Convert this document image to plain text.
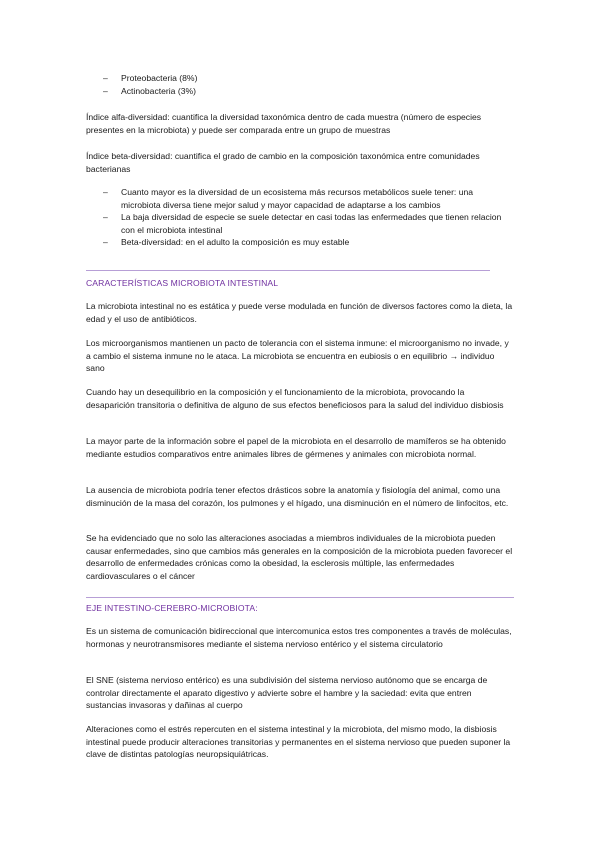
– Proteobacteria (8%)
– Actinobacteria (3%)

Índice alfa-diversidad: cuantifica la diversidad taxonómica dentro de cada muestra (número de especies presentes en la microbiota) y puede ser comparada entre un grupo de muestras

Índice beta-diversidad: cuantifica el grado de cambio en la composición taxonómica entre comunidades bacterianas

– Cuanto mayor es la diversidad de un ecosistema más recursos metabólicos suele tener: una microbiota diversa tiene mejor salud y mayor capacidad de adaptarse a los cambios
– La baja diversidad de especie se suele detectar en casi todas las enfermedades que tienen relacion con el microbiota intestinal
– Beta-diversidad: en el adulto la composición es muy estable
CARACTERÍSTICAS MICROBIOTA INTESTINAL

La microbiota intestinal no es estática y puede verse modulada en función de diversos factores como la dieta, la edad y el uso de antibióticos.

Los microorganismos mantienen un pacto de tolerancia con el sistema inmune: el microorganismo no invade, y a cambio el sistema inmune no le ataca. La microbiota se encuentra en eubiosis o en equilibrio → individuo sano

Cuando hay un desequilibrio en la composición y el funcionamiento de la microbiota, provocando la desaparición transitoria o definitiva de alguno de sus efectos beneficiosos para la salud del individuo disbiosis

La mayor parte de la información sobre el papel de la microbiota en el desarrollo de mamíferos se ha obtenido mediante estudios comparativos entre animales libres de gérmenes y animales con microbiota normal.

La ausencia de microbiota podría tener efectos drásticos sobre la anatomía y fisiología del animal, como una disminución de la masa del corazón, los pulmones y el hígado, una disminución en el número de linfocitos, etc.

Se ha evidenciado que no solo las alteraciones asociadas a miembros individuales de la microbiota pueden causar enfermedades, sino que cambios más generales en la composición de la microbiota pueden favorecer el desarrollo de enfermedades crónicas como la obesidad, la esclerosis múltiple, las enfermedades cardiovasculares o el cáncer

EJE INTESTINO-CEREBRO-MICROBIOTA:

Es un sistema de comunicación bidireccional que intercomunica estos tres componentes a través de moléculas, hormonas y neurotransmisores mediante el sistema nervioso entérico y el sistema circulatorio

El SNE (sistema nervioso entérico) es una subdivisión del sistema nervioso autónomo que se encarga de controlar directamente el aparato digestivo y advierte sobre el hambre y la saciedad: evita que entren sustancias invasoras y dañinas al cuerpo

Alteraciones como el estrés repercuten en el sistema intestinal y la microbiota, del mismo modo, la disbiosis intestinal puede producir alteraciones transitorias y permanentes en el sistema nervioso que pueden suponer la clave de distintas patologías neuropsiquiátricas.
